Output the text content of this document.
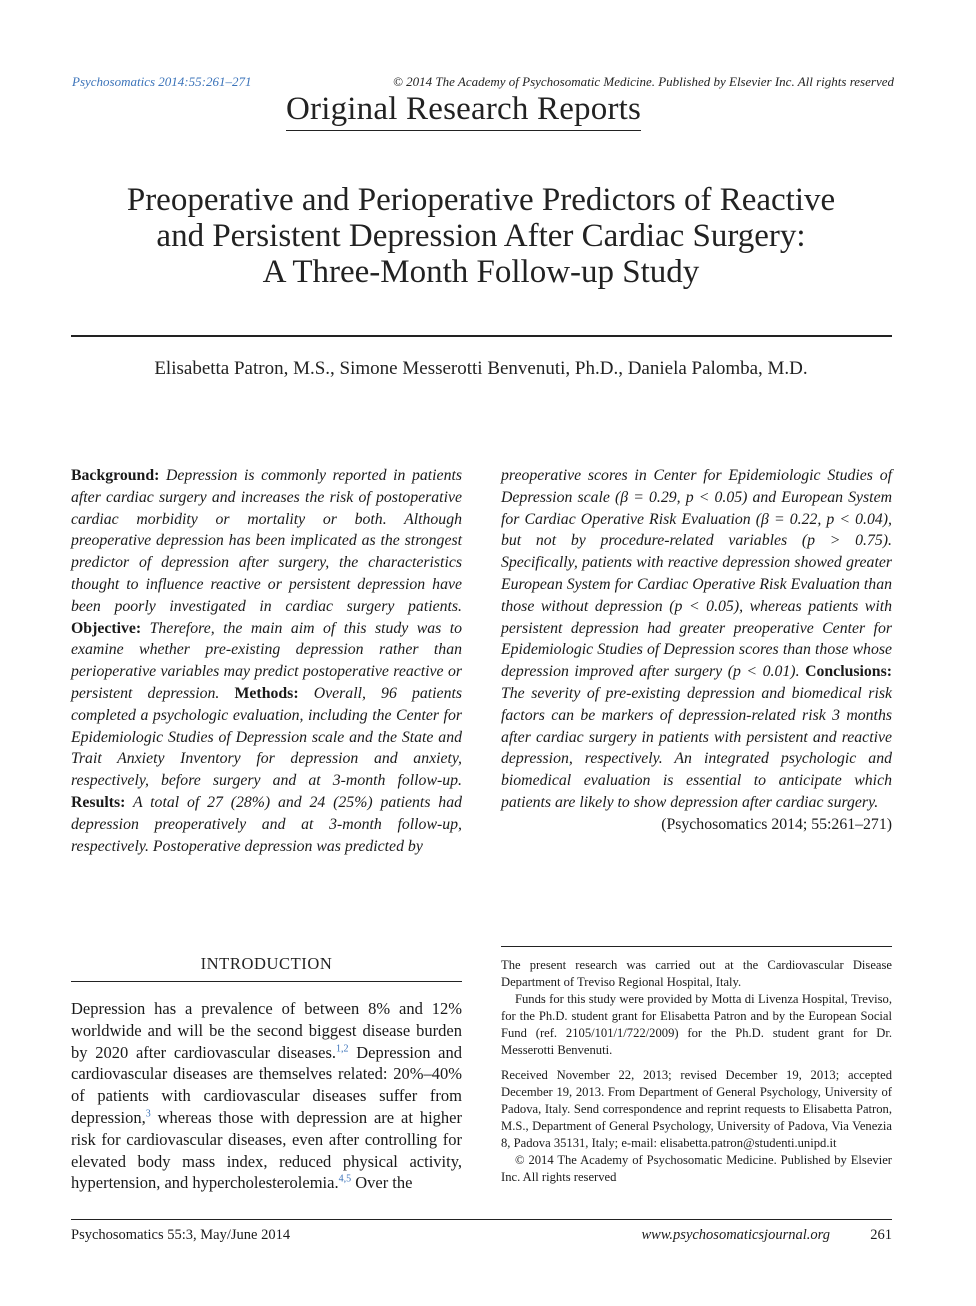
Psychosomatics 2014:55:261–271	© 2014 The Academy of Psychosomatic Medicine. Published by Elsevier Inc. All rights reserved
Original Research Reports
Preoperative and Perioperative Predictors of Reactive
and Persistent Depression After Cardiac Surgery:
A Three-Month Follow-up Study
Elisabetta Patron, M.S., Simone Messerotti Benvenuti, Ph.D., Daniela Palomba, M.D.
Background: Depression is commonly reported in patients after cardiac surgery and increases the risk of postoperative cardiac morbidity or mortality or both. Although preoperative depression has been implicated as the strongest predictor of depression after surgery, the characteristics thought to influence reactive or persistent depression have been poorly investigated in cardiac surgery patients. Objective: Therefore, the main aim of this study was to examine whether pre-existing depression rather than perioperative variables may predict postoperative reactive or persistent depression. Methods: Overall, 96 patients completed a psychologic evaluation, including the Center for Epidemiologic Studies of Depression scale and the State and Trait Anxiety Inventory for depression and anxiety, respectively, before surgery and at 3-month follow-up. Results: A total of 27 (28%) and 24 (25%) patients had depression preoperatively and at 3-month follow-up, respectively. Postoperative depression was predicted by
preoperative scores in Center for Epidemiologic Studies of Depression scale (β = 0.29, p < 0.05) and European System for Cardiac Operative Risk Evaluation (β = 0.22, p < 0.04), but not by procedure-related variables (p > 0.75). Specifically, patients with reactive depression showed greater European System for Cardiac Operative Risk Evaluation than those without depression (p < 0.05), whereas patients with persistent depression had greater preoperative Center for Epidemiologic Studies of Depression scores than those whose depression improved after surgery (p < 0.01). Conclusions: The severity of pre-existing depression and biomedical risk factors can be markers of depression-related risk 3 months after cardiac surgery in patients with persistent and reactive depression, respectively. An integrated psychologic and biomedical evaluation is essential to anticipate which patients are likely to show depression after cardiac surgery.
(Psychosomatics 2014; 55:261–271)
INTRODUCTION
Depression has a prevalence of between 8% and 12% worldwide and will be the second biggest disease burden by 2020 after cardiovascular diseases.$^{1,2}$ Depression and cardiovascular diseases are themselves related: 20%–40% of patients with cardiovascular diseases suffer from depression,$^3$ whereas those with depression are at higher risk for cardiovascular diseases, even after controlling for elevated body mass index, reduced physical activity, hypertension, and hypercholesterolemia.$^{4,5}$ Over the

The present research was carried out at the Cardiovascular Disease Department of Treviso Regional Hospital, Italy.

Funds for this study were provided by Motta di Livenza Hospital, Treviso, for the Ph.D. student grant for Elisabetta Patron and by the European Social Fund (ref. 2105/101/1/722/2009) for the Ph.D. student grant for Dr. Messerotti Benvenuti.

Received November 22, 2013; revised December 19, 2013; accepted December 19, 2013. From Department of General Psychology, University of Padova, Italy. Send correspondence and reprint requests to Elisabetta Patron, M.S., Department of General Psychology, University of Padova, Via Venezia 8, Padova 35131, Italy; e-mail: elisabetta.patron@studenti.unipd.it

© 2014 The Academy of Psychosomatic Medicine. Published by Elsevier Inc. All rights reserved

Psychosomatics 55:3, May/June 2014	www.psychosomaticsjournal.org	261
